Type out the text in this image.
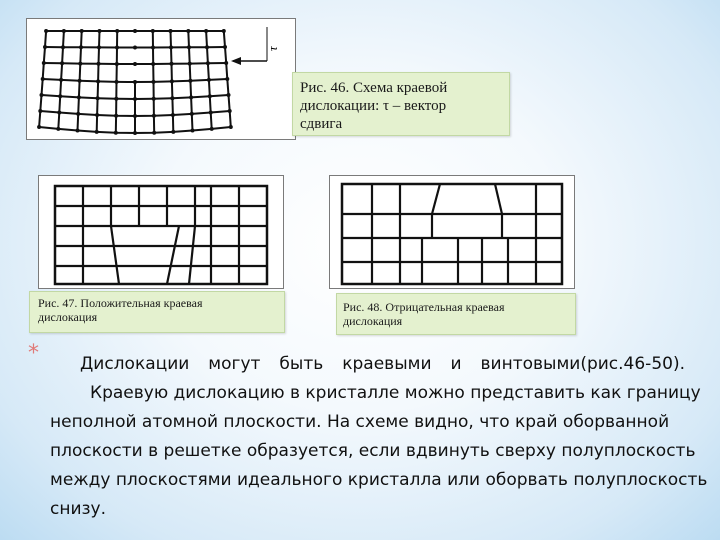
τ
Рис. 46. Схема краевой
дислокации: τ – вектор
сдвига
Рис. 47. Положительная краевая
дислокация
Рис. 48. Отрицательная краевая
дислокация
*	Дислокации могут быть краевыми и винтовыми(рис.46-50).
Краевую дислокацию в кристалле можно представить как границу
неполной атомной плоскости. На схеме видно, что край оборванной
плоскости в решетке образуется, если вдвинуть сверху полуплоскость
между плоскостями идеального кристалла или оборвать полуплоскость
снизу.
